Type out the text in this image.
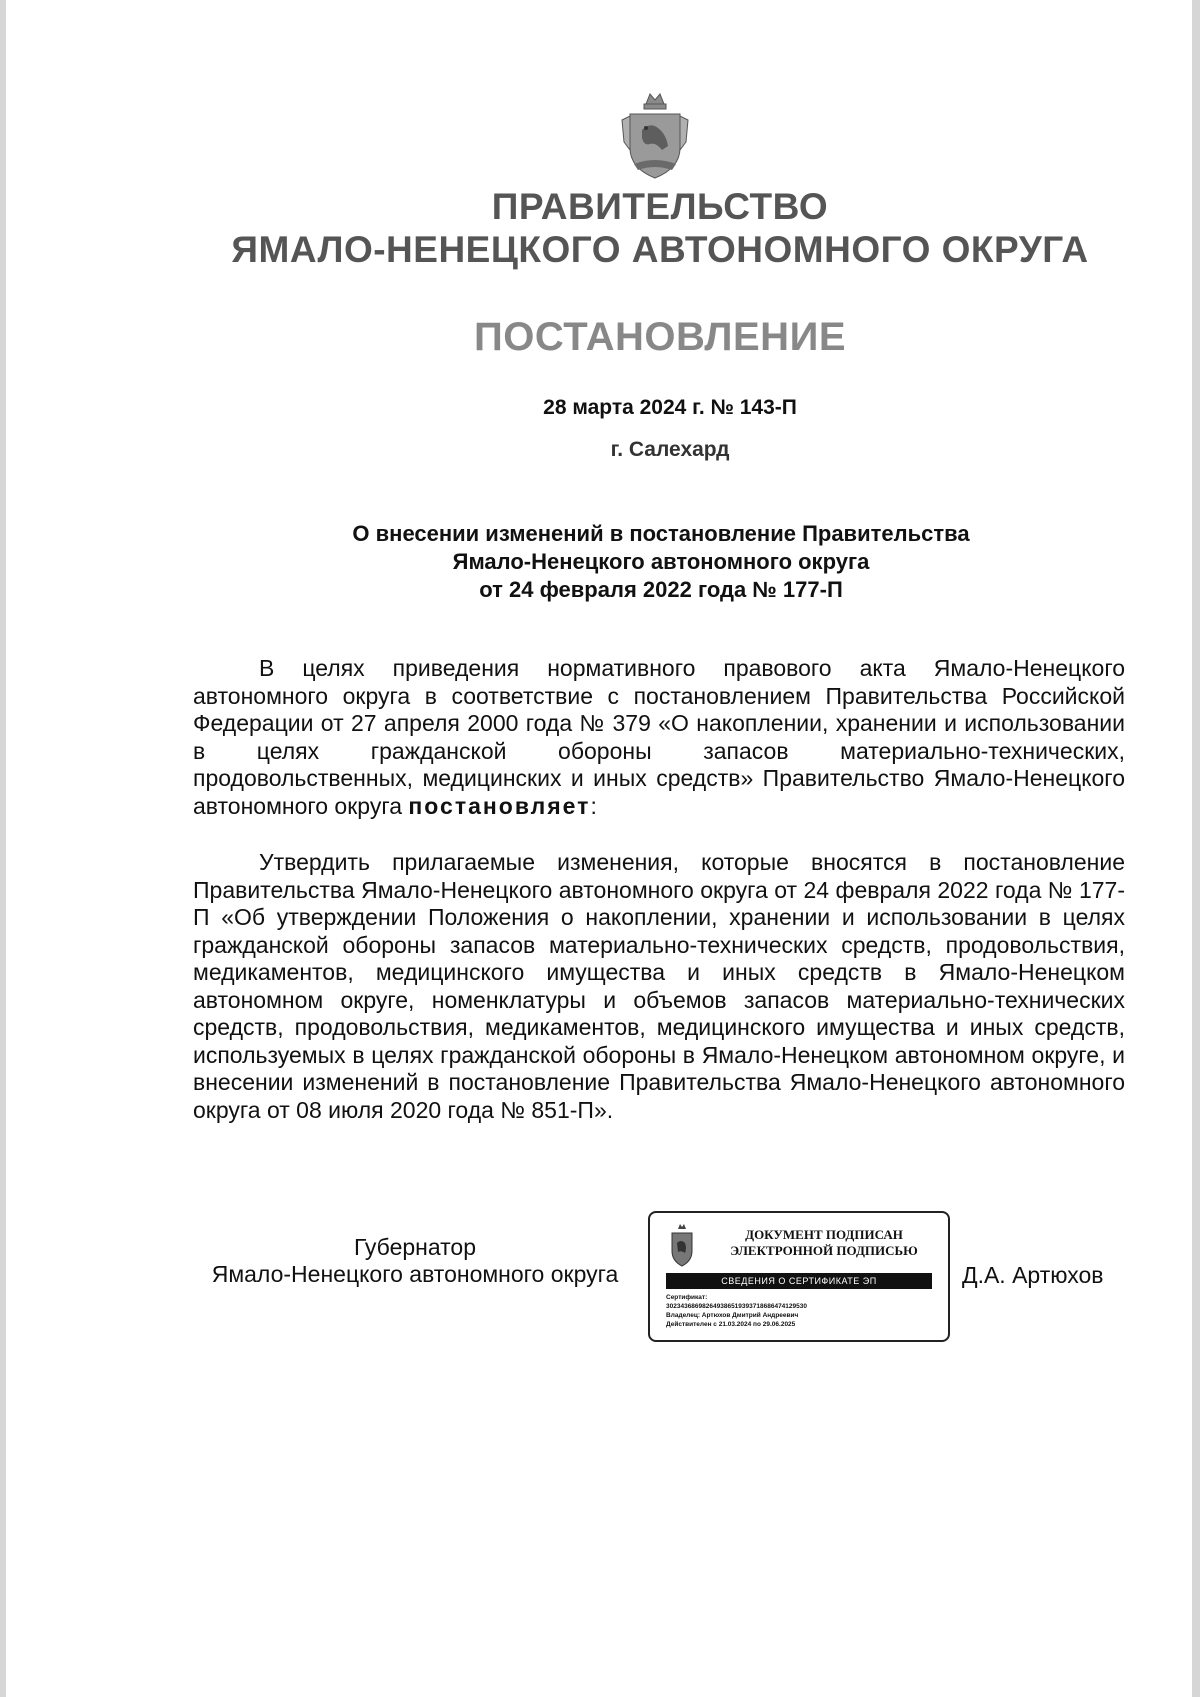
ПРАВИТЕЛЬСТВО
ЯМАЛО-НЕНЕЦКОГО АВТОНОМНОГО ОКРУГА
ПОСТАНОВЛЕНИЕ

28 марта 2024 г. № 143-П

г. Салехард

О внесении изменений в постановление Правительства
Ямало-Ненецкого автономного округа
от 24 февраля 2022 года № 177-П

В целях приведения нормативного правового акта Ямало-Ненецкого автономного округа в соответствие с постановлением Правительства Российской Федерации от 27 апреля 2000 года № 379 «О накоплении, хранении и использовании в целях гражданской обороны запасов материально-технических, продовольственных, медицинских и иных средств» Правительство Ямало-Ненецкого автономного округа постановляет:

Утвердить прилагаемые изменения, которые вносятся в постановление Правительства Ямало-Ненецкого автономного округа от 24 февраля 2022 года № 177-П «Об утверждении Положения о накоплении, хранении и использовании в целях гражданской обороны запасов материально-технических средств, продовольствия, медикаментов, медицинского имущества и иных средств в Ямало-Ненецком автономном округе, номенклатуры и объемов запасов материально-технических средств, продовольствия, медикаментов, медицинского имущества и иных средств, используемых в целях гражданской обороны в Ямало-Ненецком автономном округе, и внесении изменений в постановление Правительства Ямало-Ненецкого автономного округа от 08 июля 2020 года № 851-П».

Губернатор
Ямало-Ненецкого автономного округа
ДОКУМЕНТ ПОДПИСАН
ЭЛЕКТРОННОЙ ПОДПИСЬЮ
СВЕДЕНИЯ О СЕРТИФИКАТЕ ЭП
Сертификат:
302343686982649386519393718686474129530
Владелец: Артюхов Дмитрий Андреевич
Действителен с 21.03.2024 по 29.06.2025
Д.А. Артюхов
